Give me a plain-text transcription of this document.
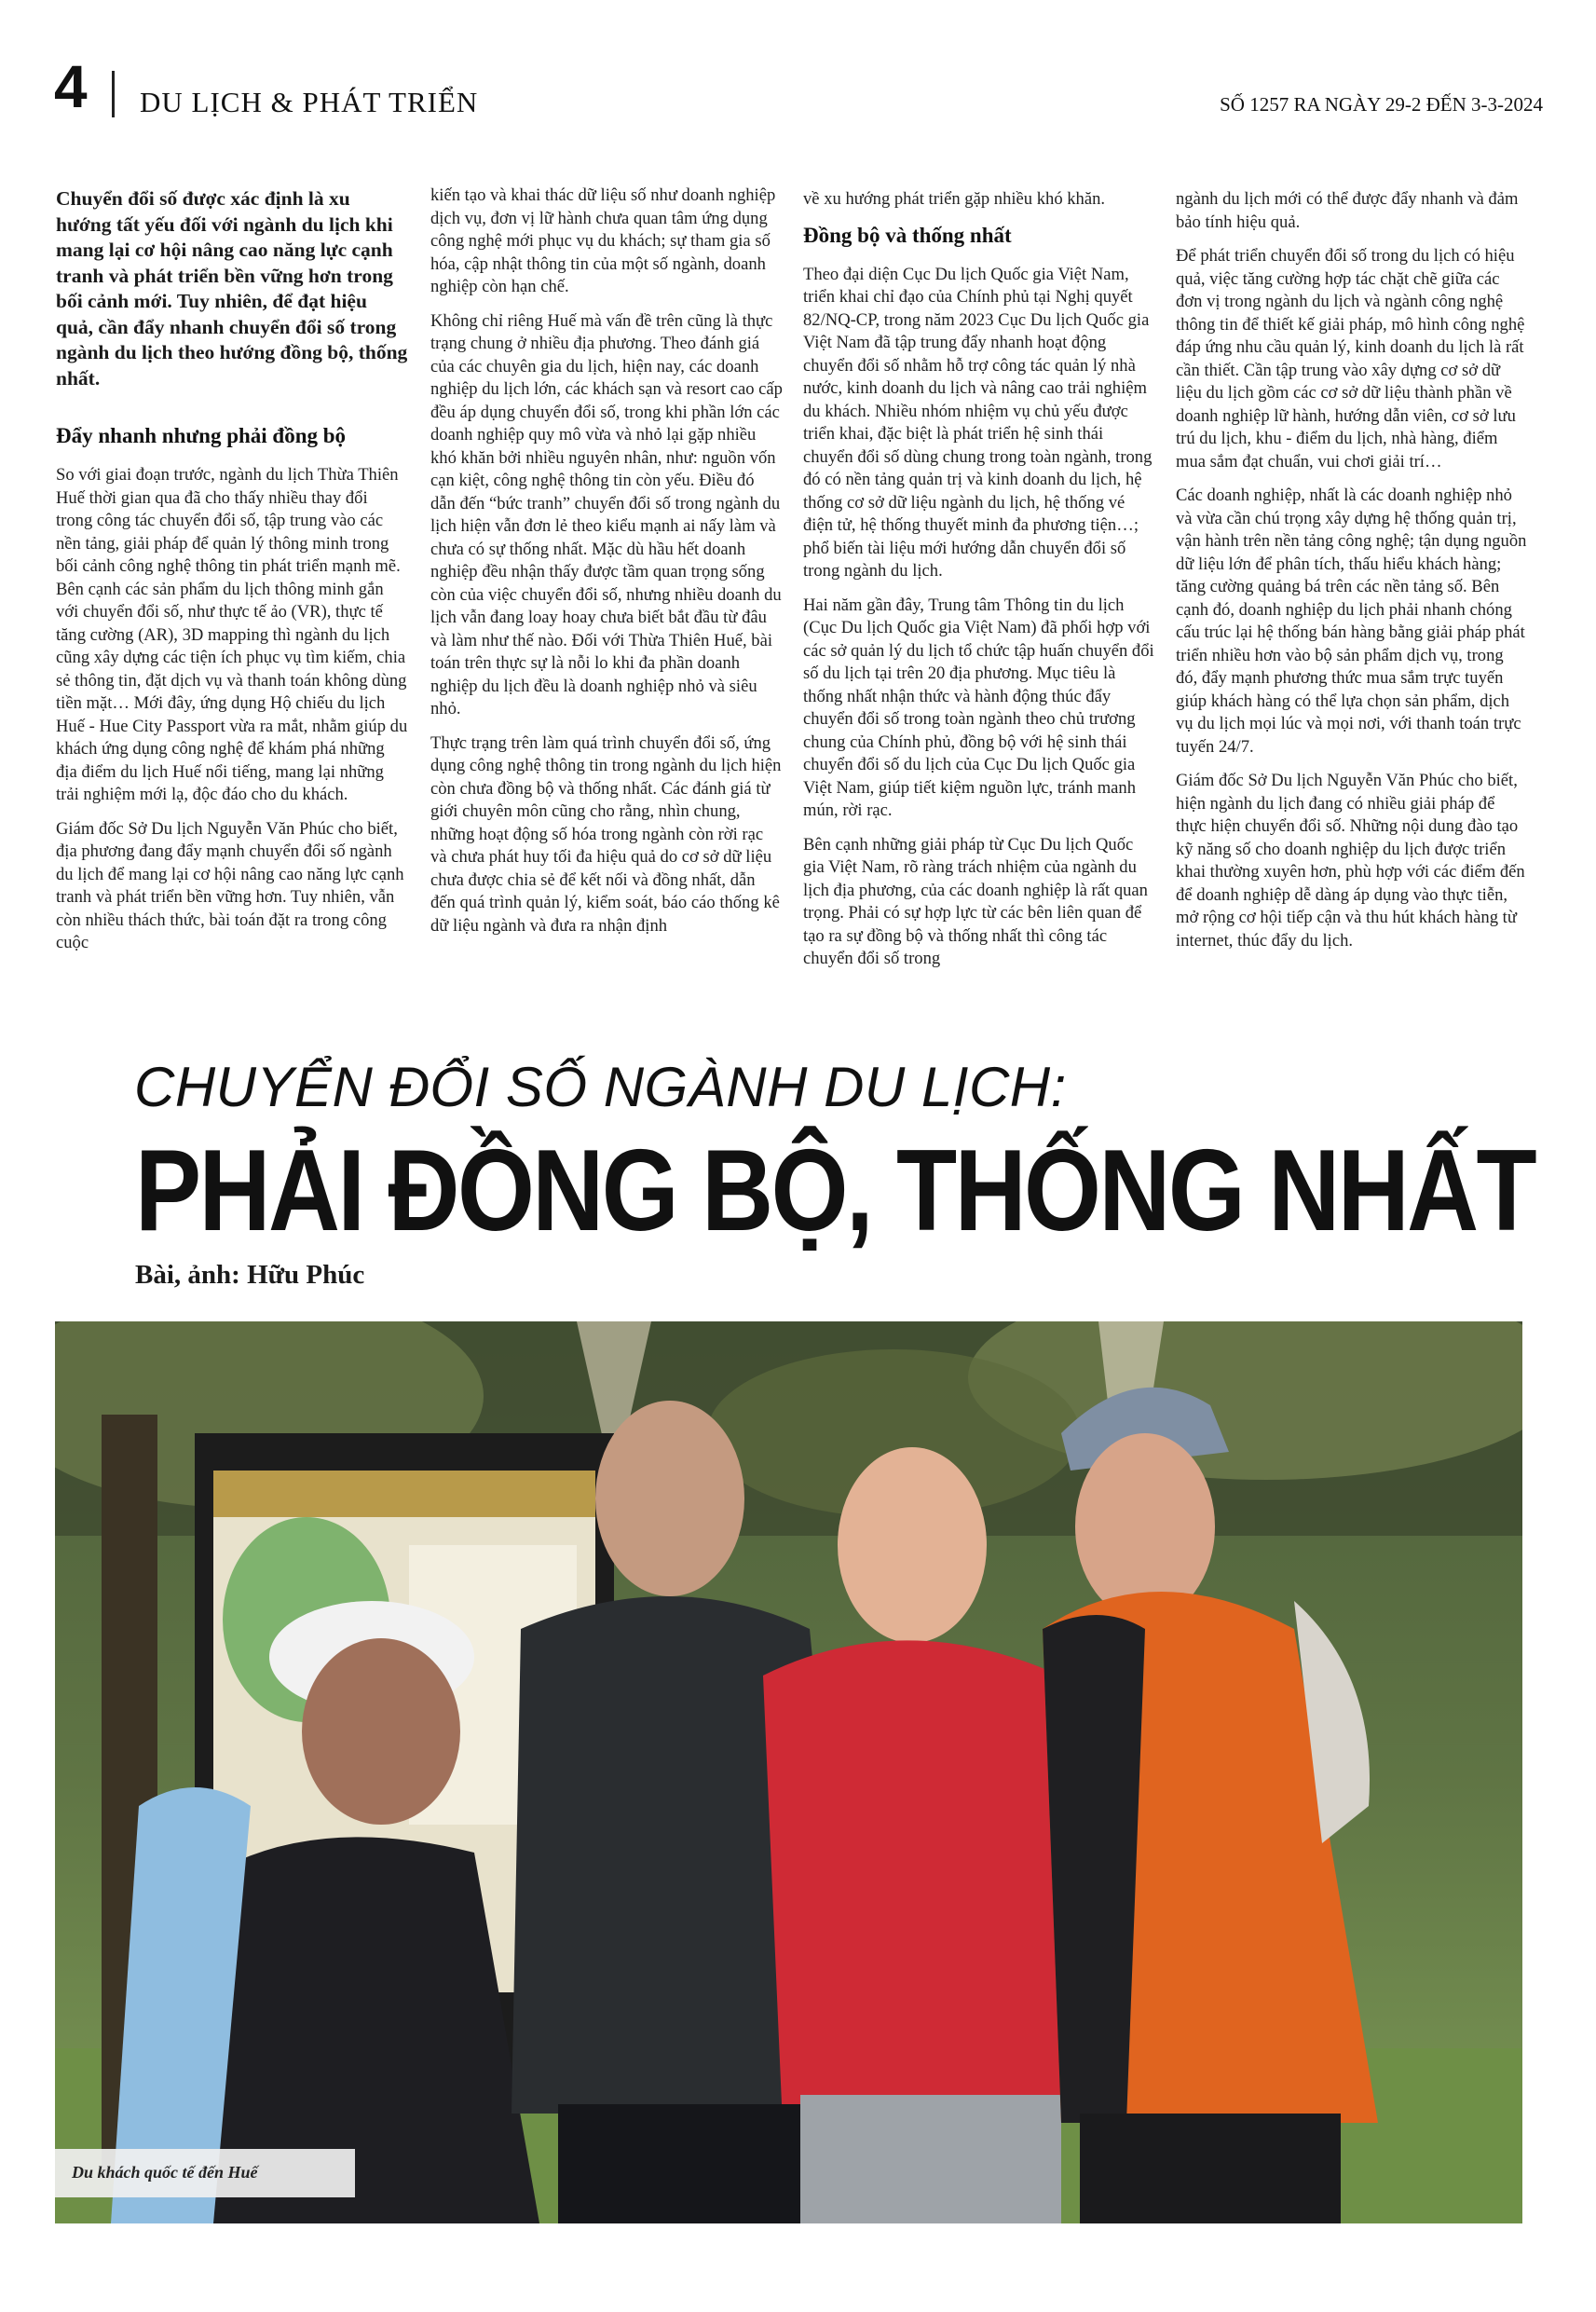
4 DU LỊCH & PHÁT TRIỂN	SỐ 1257 RA NGÀY 29-2 ĐẾN 3-3-2024

Chuyển đổi số được xác định là xu hướng tất yếu đối với ngành du lịch khi mang lại cơ hội nâng cao năng lực cạnh tranh và phát triển bền vững hơn trong bối cảnh mới. Tuy nhiên, để đạt hiệu quả, cần đẩy nhanh chuyển đổi số trong ngành du lịch theo hướng đồng bộ, thống nhất.

Đẩy nhanh nhưng phải đồng bộ

So với giai đoạn trước, ngành du lịch Thừa Thiên Huế thời gian qua đã cho thấy nhiều thay đổi trong công tác chuyển đổi số, tập trung vào các nền tảng, giải pháp để quản lý thông minh trong bối cảnh công nghệ thông tin phát triển mạnh mẽ. Bên cạnh các sản phẩm du lịch thông minh gắn với chuyển đổi số, như thực tế ảo (VR), thực tế tăng cường (AR), 3D mapping thì ngành du lịch cũng xây dựng các tiện ích phục vụ tìm kiếm, chia sẻ thông tin, đặt dịch vụ và thanh toán không dùng tiền mặt… Mới đây, ứng dụng Hộ chiếu du lịch Huế - Hue City Passport vừa ra mắt, nhằm giúp du khách ứng dụng công nghệ để khám phá những địa điểm du lịch Huế nổi tiếng, mang lại những trải nghiệm mới lạ, độc đáo cho du khách.

Giám đốc Sở Du lịch Nguyễn Văn Phúc cho biết, địa phương đang đẩy mạnh chuyển đổi số ngành du lịch để mang lại cơ hội nâng cao năng lực cạnh tranh và phát triển bền vững hơn. Tuy nhiên, vẫn còn nhiều thách thức, bài toán đặt ra trong công cuộc

kiến tạo và khai thác dữ liệu số như doanh nghiệp dịch vụ, đơn vị lữ hành chưa quan tâm ứng dụng công nghệ mới phục vụ du khách; sự tham gia số hóa, cập nhật thông tin của một số ngành, doanh nghiệp còn hạn chế.

Không chỉ riêng Huế mà vấn đề trên cũng là thực trạng chung ở nhiều địa phương. Theo đánh giá của các chuyên gia du lịch, hiện nay, các doanh nghiệp du lịch lớn, các khách sạn và resort cao cấp đều áp dụng chuyển đổi số, trong khi phần lớn các doanh nghiệp quy mô vừa và nhỏ lại gặp nhiều khó khăn bởi nhiều nguyên nhân, như: nguồn vốn cạn kiệt, công nghệ thông tin còn yếu. Điều đó dẫn đến “bức tranh” chuyển đổi số trong ngành du lịch hiện vẫn đơn lẻ theo kiểu mạnh ai nấy làm và chưa có sự thống nhất. Mặc dù hầu hết doanh nghiệp đều nhận thấy được tầm quan trọng sống còn của việc chuyển đổi số, nhưng nhiều doanh du lịch vẫn đang loay hoay chưa biết bắt đầu từ đâu và làm như thế nào. Đối với Thừa Thiên Huế, bài toán trên thực sự là nỗi lo khi đa phần doanh nghiệp du lịch đều là doanh nghiệp nhỏ và siêu nhỏ.

Thực trạng trên làm quá trình chuyển đổi số, ứng dụng công nghệ thông tin trong ngành du lịch hiện còn chưa đồng bộ và thống nhất. Các đánh giá từ giới chuyên môn cũng cho rằng, nhìn chung, những hoạt động số hóa trong ngành còn rời rạc và chưa phát huy tối đa hiệu quả do cơ sở dữ liệu chưa được chia sẻ để kết nối và đồng nhất, dẫn đến quá trình quản lý, kiểm soát, báo cáo thống kê dữ liệu ngành và đưa ra nhận định

về xu hướng phát triển gặp nhiều khó khăn.

Đồng bộ và thống nhất

Theo đại diện Cục Du lịch Quốc gia Việt Nam, triển khai chỉ đạo của Chính phủ tại Nghị quyết 82/NQ-CP, trong năm 2023 Cục Du lịch Quốc gia Việt Nam đã tập trung đẩy nhanh hoạt động chuyển đổi số nhằm hỗ trợ công tác quản lý nhà nước, kinh doanh du lịch và nâng cao trải nghiệm du khách. Nhiều nhóm nhiệm vụ chủ yếu được triển khai, đặc biệt là phát triển hệ sinh thái chuyển đổi số dùng chung trong toàn ngành, trong đó có nền tảng quản trị và kinh doanh du lịch, hệ thống cơ sở dữ liệu ngành du lịch, hệ thống vé điện tử, hệ thống thuyết minh đa phương tiện…; phổ biến tài liệu mới hướng dẫn chuyển đổi số trong ngành du lịch.

Hai năm gần đây, Trung tâm Thông tin du lịch (Cục Du lịch Quốc gia Việt Nam) đã phối hợp với các sở quản lý du lịch tổ chức tập huấn chuyển đổi số du lịch tại trên 20 địa phương. Mục tiêu là thống nhất nhận thức và hành động thúc đẩy chuyển đổi số trong toàn ngành theo chủ trương chung của Chính phủ, đồng bộ với hệ sinh thái chuyển đổi số du lịch của Cục Du lịch Quốc gia Việt Nam, giúp tiết kiệm nguồn lực, tránh manh mún, rời rạc.

Bên cạnh những giải pháp từ Cục Du lịch Quốc gia Việt Nam, rõ ràng trách nhiệm của ngành du lịch địa phương, của các doanh nghiệp là rất quan trọng. Phải có sự hợp lực từ các bên liên quan để tạo ra sự đồng bộ và thống nhất thì công tác chuyển đổi số trong

ngành du lịch mới có thể được đẩy nhanh và đảm bảo tính hiệu quả.

Để phát triển chuyển đổi số trong du lịch có hiệu quả, việc tăng cường hợp tác chặt chẽ giữa các đơn vị trong ngành du lịch và ngành công nghệ thông tin để thiết kế giải pháp, mô hình công nghệ đáp ứng nhu cầu quản lý, kinh doanh du lịch là rất cần thiết. Cần tập trung vào xây dựng cơ sở dữ liệu du lịch gồm các cơ sở dữ liệu thành phần về doanh nghiệp lữ hành, hướng dẫn viên, cơ sở lưu trú du lịch, khu - điểm du lịch, nhà hàng, điểm mua sắm đạt chuẩn, vui chơi giải trí…

Các doanh nghiệp, nhất là các doanh nghiệp nhỏ và vừa cần chú trọng xây dựng hệ thống quản trị, vận hành trên nền tảng công nghệ; tận dụng nguồn dữ liệu lớn để phân tích, thấu hiểu khách hàng; tăng cường quảng bá trên các nền tảng số. Bên cạnh đó, doanh nghiệp du lịch phải nhanh chóng cấu trúc lại hệ thống bán hàng bằng giải pháp phát triển nhiều hơn vào bộ sản phẩm dịch vụ, trong đó, đẩy mạnh phương thức mua sắm trực tuyến giúp khách hàng có thể lựa chọn sản phẩm, dịch vụ du lịch mọi lúc và mọi nơi, với thanh toán trực tuyến 24/7.

Giám đốc Sở Du lịch Nguyễn Văn Phúc cho biết, hiện ngành du lịch đang có nhiều giải pháp để thực hiện chuyển đổi số. Những nội dung đào tạo kỹ năng số cho doanh nghiệp du lịch được triển khai thường xuyên hơn, phù hợp với các điểm đến để doanh nghiệp dễ dàng áp dụng vào thực tiễn, mở rộng cơ hội tiếp cận và thu hút khách hàng từ internet, thúc đẩy du lịch.

CHUYỂN ĐỔI SỐ NGÀNH DU LỊCH:
PHẢI ĐỒNG BỘ, THỐNG NHẤT
Bài, ảnh: Hữu Phúc
Du khách quốc tế đến Huế
